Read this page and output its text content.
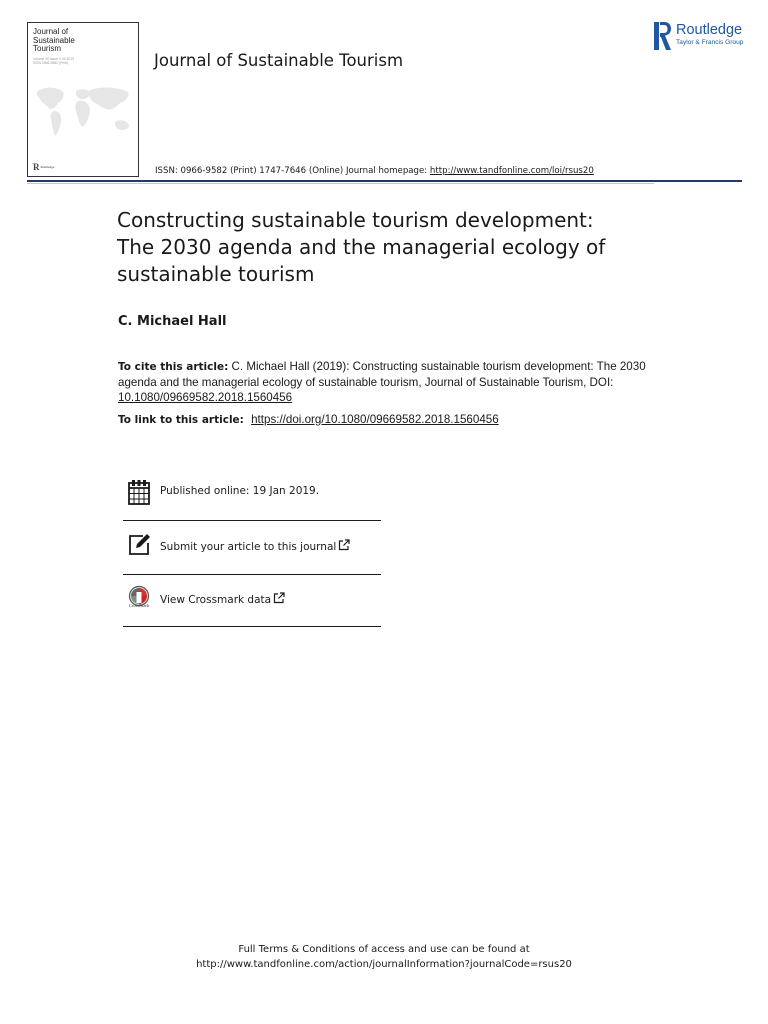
Journal of
Sustainable
Tourism
Volume 00 Issue 0 00 2019
ISSN 0966-9582 (Print)
R Routledge
Journal of Sustainable Tourism
ISSN: 0966-9582 (Print) 1747-7646 (Online) Journal homepage: http://www.tandfonline.com/loi/rsus20
Routledge
Taylor & Francis Group
Constructing sustainable tourism development:
The 2030 agenda and the managerial ecology of
sustainable tourism
C. Michael Hall
To cite this article: C. Michael Hall (2019): Constructing sustainable tourism development: The 2030 agenda and the managerial ecology of sustainable tourism, Journal of Sustainable Tourism, DOI: 10.1080/09669582.2018.1560456
To link to this article: https://doi.org/10.1080/09669582.2018.1560456
Published online: 19 Jan 2019.
Submit your article to this journal
CrossMark View Crossmark data
Full Terms & Conditions of access and use can be found at
http://www.tandfonline.com/action/journalInformation?journalCode=rsus20
